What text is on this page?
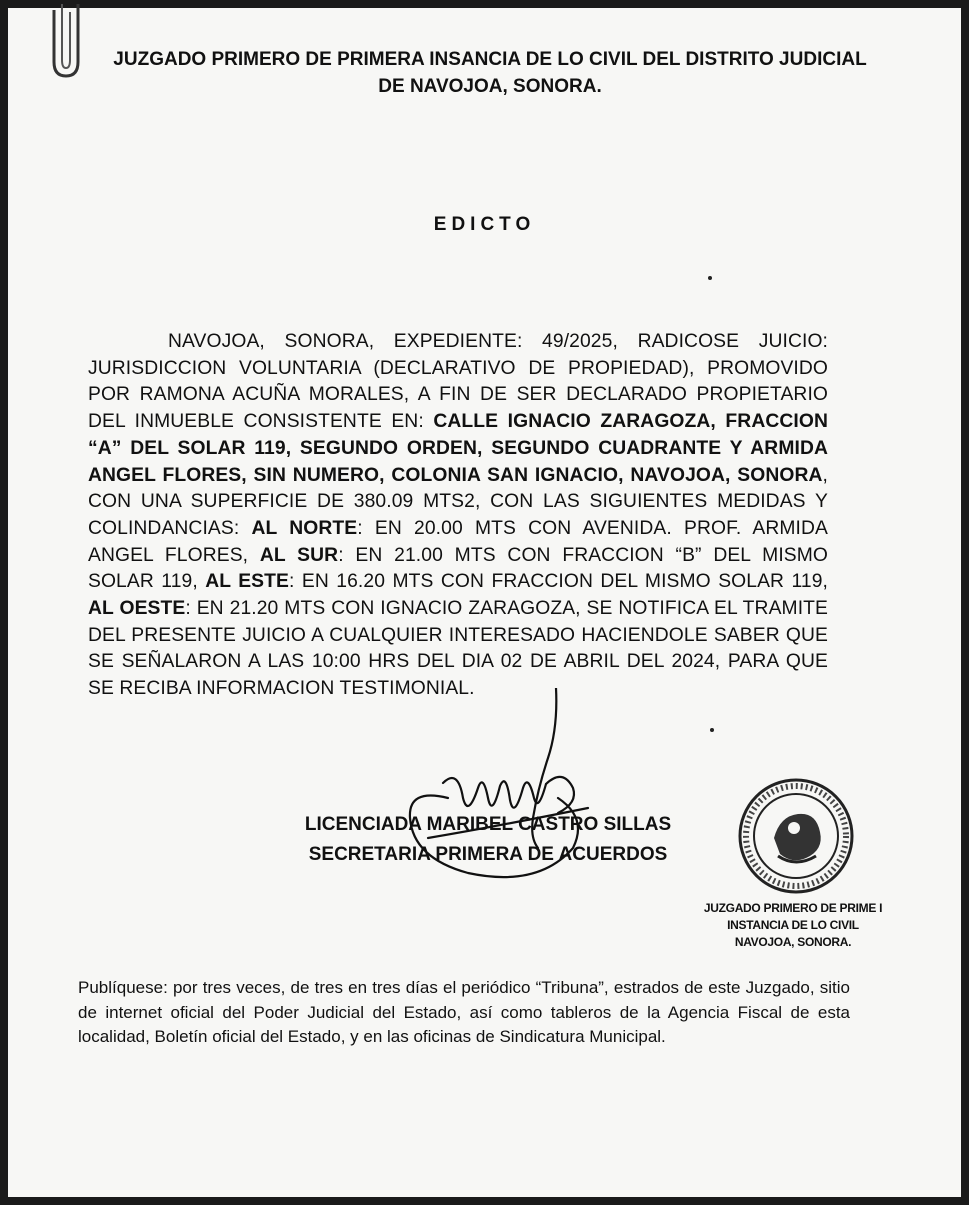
JUZGADO PRIMERO DE PRIMERA INSANCIA DE LO CIVIL DEL DISTRITO JUDICIAL
DE NAVOJOA, SONORA.
EDICTO
NAVOJOA, SONORA, EXPEDIENTE: 49/2025, RADICOSE JUICIO: JURISDICCION VOLUNTARIA (DECLARATIVO DE PROPIEDAD), PROMOVIDO POR RAMONA ACUÑA MORALES, A FIN DE SER DECLARADO PROPIETARIO DEL INMUEBLE CONSISTENTE EN: CALLE IGNACIO ZARAGOZA, FRACCION “A” DEL SOLAR 119, SEGUNDO ORDEN, SEGUNDO CUADRANTE Y ARMIDA ANGEL FLORES, SIN NUMERO, COLONIA SAN IGNACIO, NAVOJOA, SONORA, CON UNA SUPERFICIE DE 380.09 MTS2, CON LAS SIGUIENTES MEDIDAS Y COLINDANCIAS: AL NORTE: EN 20.00 MTS CON AVENIDA. PROF. ARMIDA ANGEL FLORES, AL SUR: EN 21.00 MTS CON FRACCION “B” DEL MISMO SOLAR 119, AL ESTE: EN 16.20 MTS CON FRACCION DEL MISMO SOLAR 119, AL OESTE: EN 21.20 MTS CON IGNACIO ZARAGOZA, SE NOTIFICA EL TRAMITE DEL PRESENTE JUICIO A CUALQUIER INTERESADO HACIENDOLE SABER QUE SE SEÑALARON A LAS 10:00 HRS DEL DIA 02 DE ABRIL DEL 2024, PARA QUE SE RECIBA INFORMACION TESTIMONIAL.
LICENCIADA MARIBEL CASTRO SILLAS
SECRETARIA PRIMERA DE ACUERDOS
JUZGADO PRIMERO DE PRIME I
INSTANCIA DE LO CIVIL
NAVOJOA, SONORA.
Publíquese: por tres veces, de tres en tres días el periódico “Tribuna”, estrados de este Juzgado, sitio de internet oficial del Poder Judicial del Estado, así como tableros de la Agencia Fiscal de esta localidad, Boletín oficial del Estado, y en las oficinas de Sindicatura Municipal.
